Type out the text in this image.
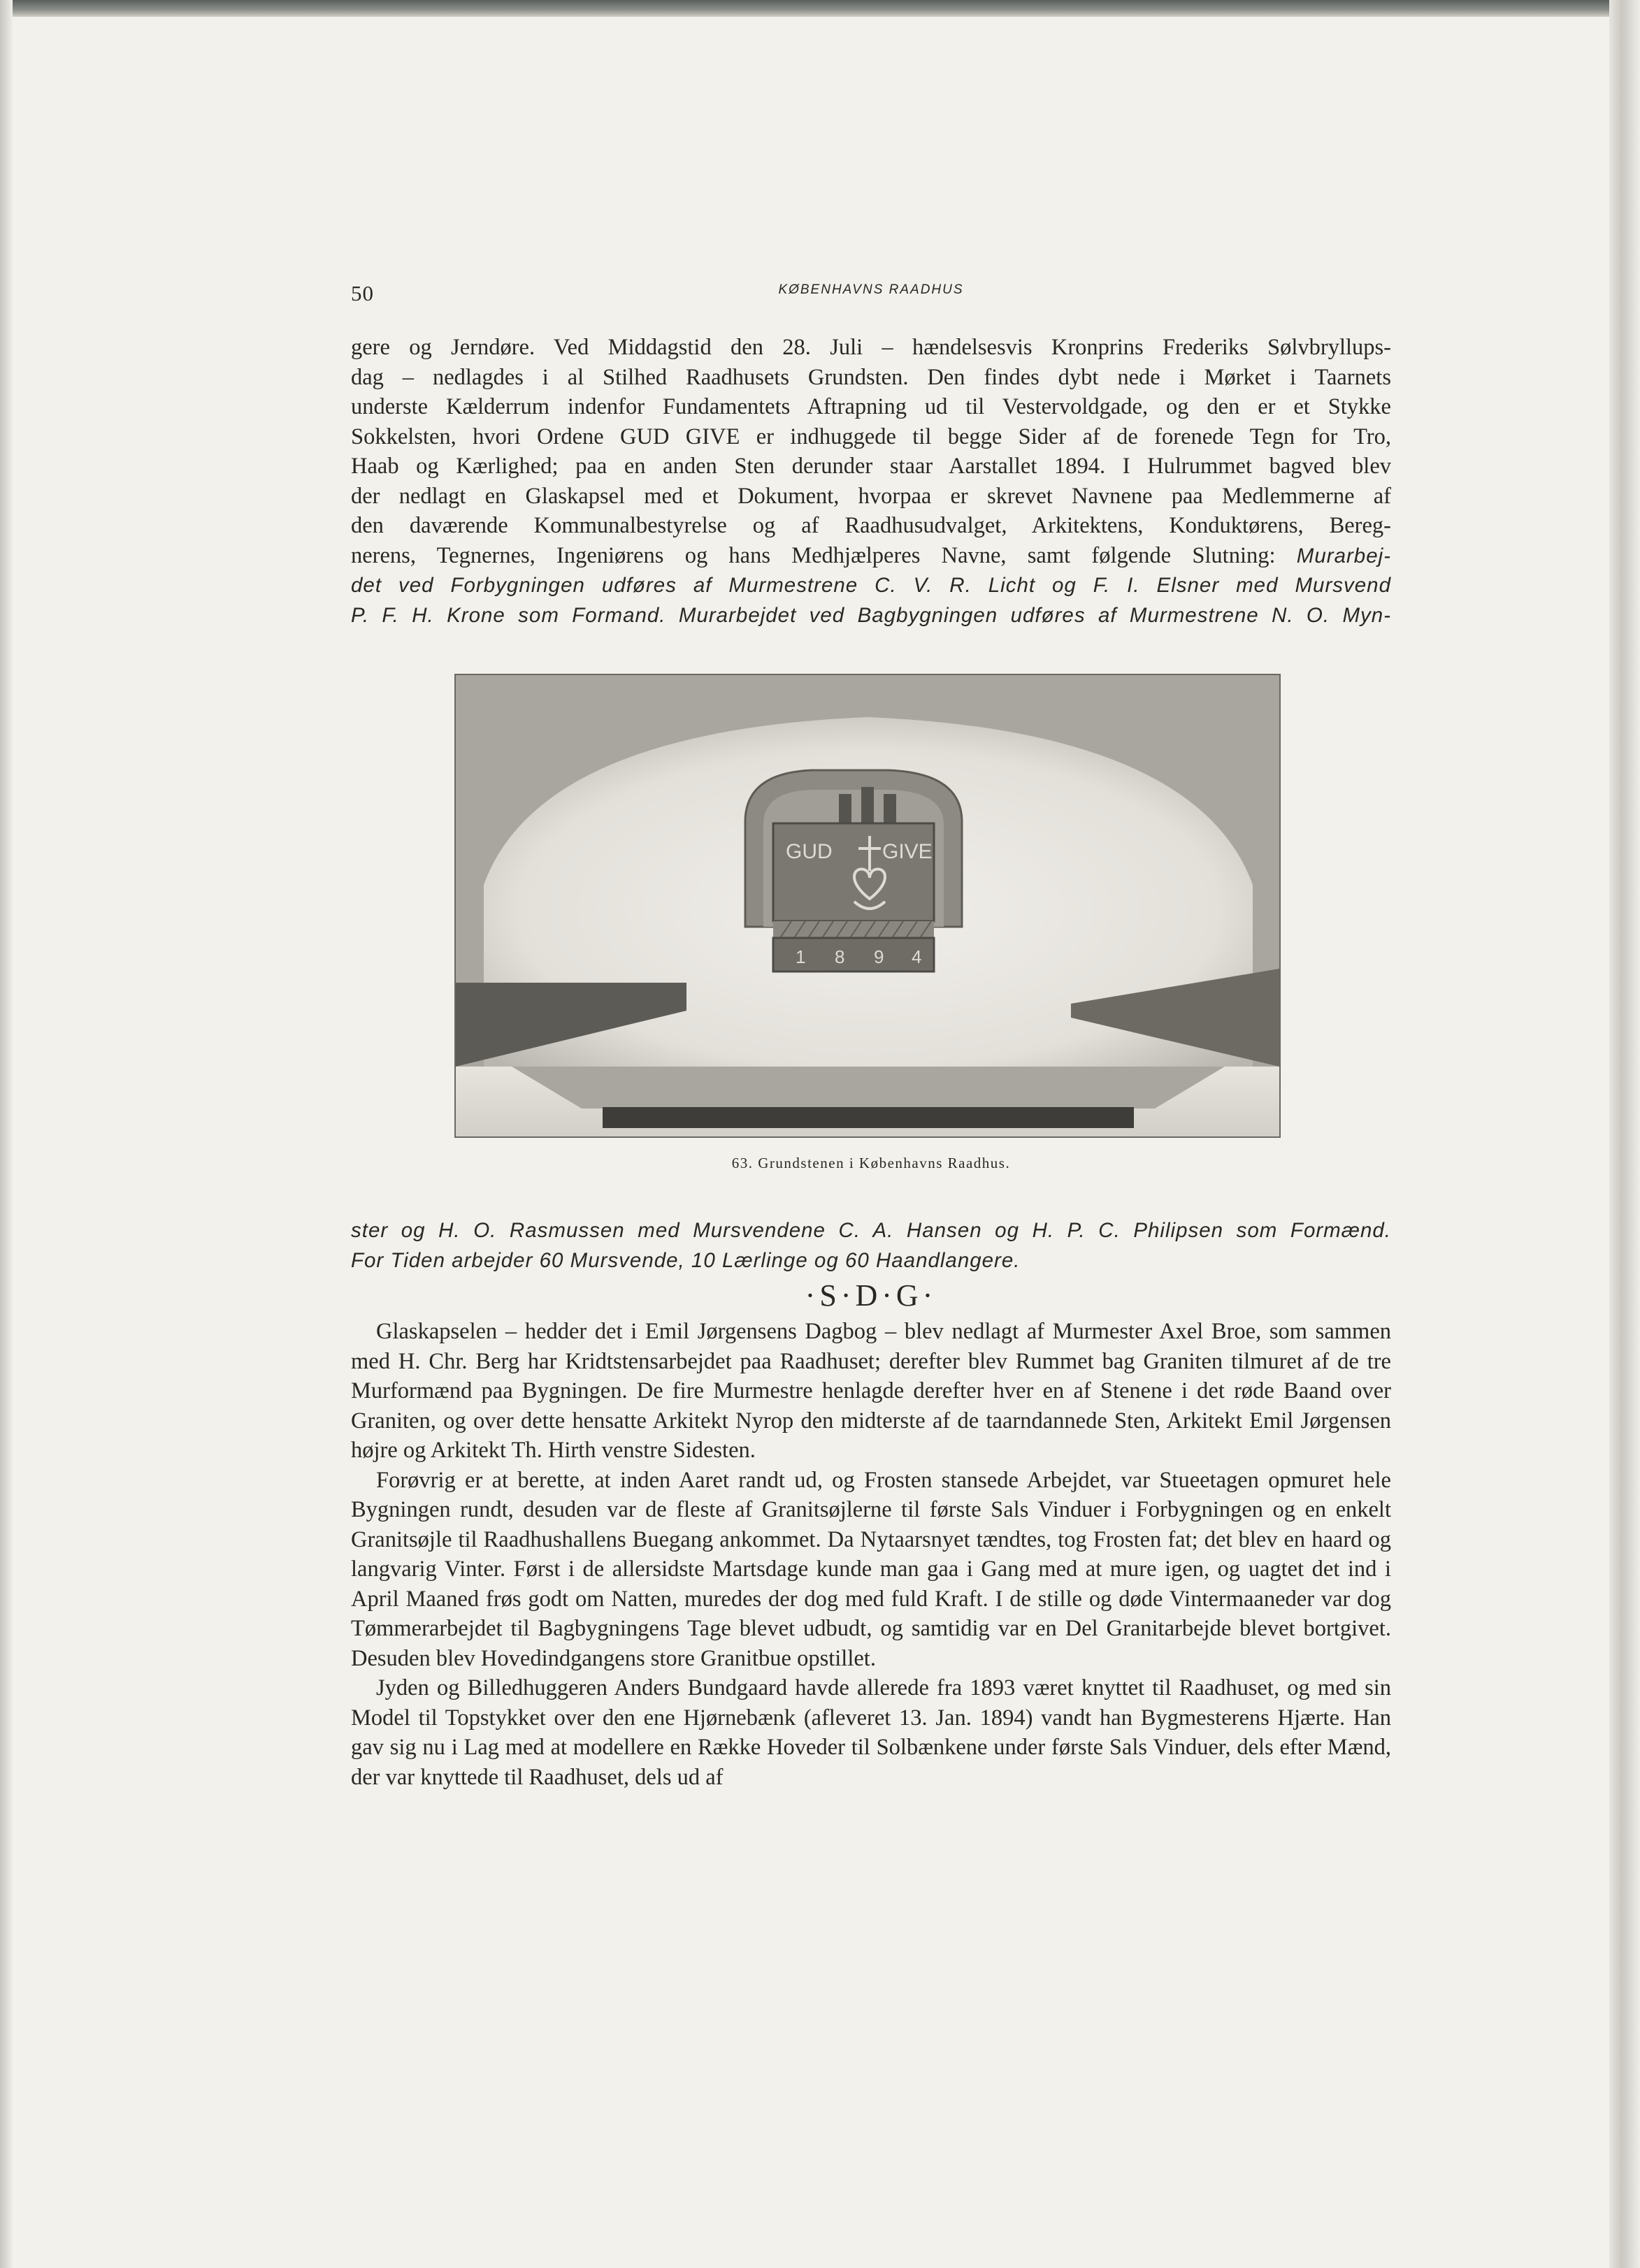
50	KØBENHAVNS RAADHUS
gere og Jerndøre. Ved Middagstid den 28. Juli – hændelsesvis Kronprins Frederiks Sølvbryllups-
dag – nedlagdes i al Stilhed Raadhusets Grundsten. Den findes dybt nede i Mørket i Taarnets
underste Kælderrum indenfor Fundamentets Aftrapning ud til Vestervoldgade, og den er et Stykke
Sokkelsten, hvori Ordene GUD GIVE er indhuggede til begge Sider af de forenede Tegn for Tro,
Haab og Kærlighed; paa en anden Sten derunder staar Aarstallet 1894. I Hulrummet bagved blev
der nedlagt en Glaskapsel med et Dokument, hvorpaa er skrevet Navnene paa Medlemmerne af
den daværende Kommunalbestyrelse og af Raadhusudvalget, Arkitektens, Konduktørens, Bereg-
nerens, Tegnernes, Ingeniørens og hans Medhjælperes Navne, samt følgende Slutning: Murarbej-
det ved Forbygningen udføres af Murmestrene C. V. R. Licht og F. I. Elsner med Mursvend
P. F. H. Krone som Formand. Murarbejdet ved Bagbygningen udføres af Murmestrene N. O. Myn-
GUD GIVE
1 8 9 4
63. Grundstenen i Københavns Raadhus.
ster og H. O. Rasmussen med Mursvendene C. A. Hansen og H. P. C. Philipsen som Formænd.
For Tiden arbejder 60 Mursvende, 10 Lærlinge og 60 Haandlangere.
·S·D·G·

Glaskapselen – hedder det i Emil Jørgensens Dagbog – blev nedlagt af Murmester Axel Broe, som sammen med H. Chr. Berg har Kridtstensarbejdet paa Raadhuset; derefter blev Rummet bag Graniten tilmuret af de tre Murformænd paa Bygningen. De fire Murmestre henlagde derefter hver en af Stenene i det røde Baand over Graniten, og over dette hensatte Arkitekt Nyrop den midterste af de taarndannede Sten, Arkitekt Emil Jørgensen højre og Arkitekt Th. Hirth venstre Sidesten.

Forøvrig er at berette, at inden Aaret randt ud, og Frosten stansede Arbejdet, var Stueetagen opmuret hele Bygningen rundt, desuden var de fleste af Granitsøjlerne til første Sals Vinduer i Forbygningen og en enkelt Granitsøjle til Raadhushallens Buegang ankommet. Da Nytaarsnyet tændtes, tog Frosten fat; det blev en haard og langvarig Vinter. Først i de allersidste Martsdage kunde man gaa i Gang med at mure igen, og uagtet det ind i April Maaned frøs godt om Natten, muredes der dog med fuld Kraft. I de stille og døde Vintermaaneder var dog Tømmerarbejdet til Bagbygningens Tage blevet udbudt, og samtidig var en Del Granitarbejde blevet bortgivet. Desuden blev Hovedindgangens store Granitbue opstillet.

Jyden og Billedhuggeren Anders Bundgaard havde allerede fra 1893 været knyttet til Raadhuset, og med sin Model til Topstykket over den ene Hjørnebænk (afleveret 13. Jan. 1894) vandt han Bygmesterens Hjærte. Han gav sig nu i Lag med at modellere en Række Hoveder til Solbænkene under første Sals Vinduer, dels efter Mænd, der var knyttede til Raadhuset, dels ud af
